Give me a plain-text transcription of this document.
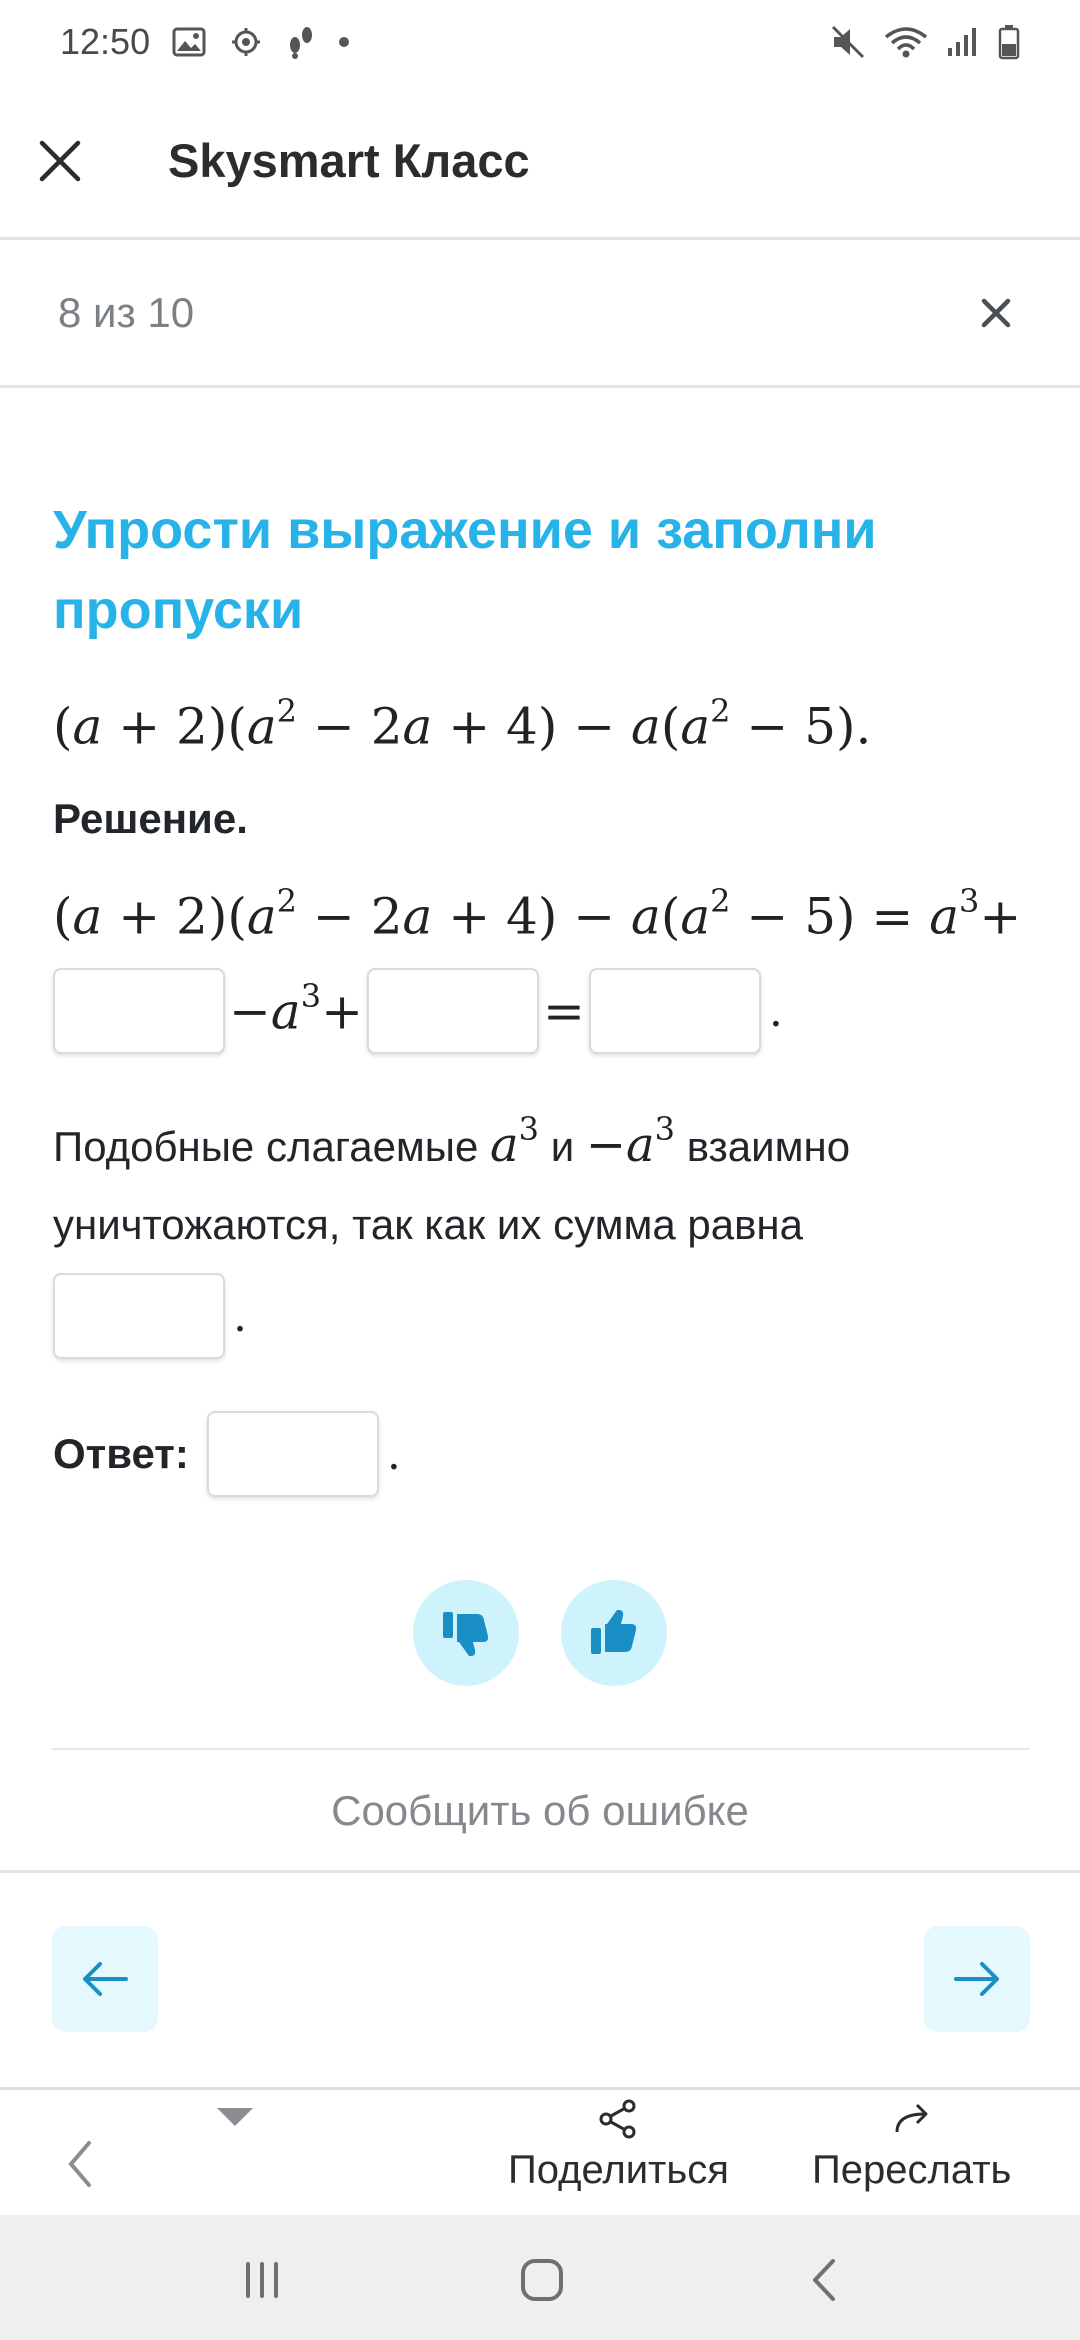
12:50
Skysmart Класс
8 из 10
Упрости выражение и заполни пропуски
$(a + 2)(a^2 - 2a + 4) - a(a^2 - 5)$.
Решение.
$(a + 2)(a^2 - 2a + 4) - a(a^2 - 5) = a^3+$
$-a^3+$	=	.
Подобные слагаемые $a^3$ $и -a^3$ взаимно уничтожаются, так как их сумма равна
.
Ответ:	.
Сообщить об ошибке
Поделиться Переслать
